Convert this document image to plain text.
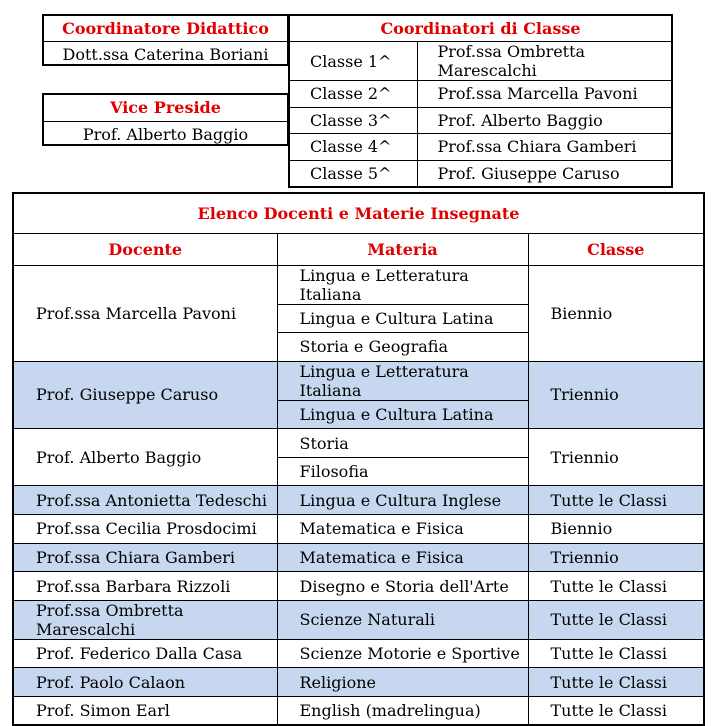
Coordinatore Didattico
Dott.ssa Caterina Boriani
Vice Preside
Prof. Alberto Baggio
Coordinatori di Classe	
Classe 1^	Prof.ssa Ombretta Marescalchi
Classe 2^	Prof.ssa Marcella Pavoni
Classe 3^	Prof. Alberto Baggio
Classe 4^	Prof.ssa Chiara Gamberi
Classe 5^	Prof. Giuseppe Caruso
Elenco Docenti e Materie Insegnate		
Docente	Materia	Classe
Prof.ssa Marcella Pavoni	Lingua e Letteratura Italiana	Biennio
	Lingua e Cultura Latina	
	Storia e Geografia	
Prof. Giuseppe Caruso	Lingua e Letteratura Italiana	Triennio
	Lingua e Cultura Latina	
Prof. Alberto Baggio	Storia	Triennio
	Filosofia	
Prof.ssa Antonietta Tedeschi	Lingua e Cultura Inglese	Tutte le Classi
Prof.ssa Cecilia Prosdocimi	Matematica e Fisica	Biennio
Prof.ssa Chiara Gamberi	Matematica e Fisica	Triennio
Prof.ssa Barbara Rizzoli	Disegno e Storia dell'Arte	Tutte le Classi
Prof.ssa Ombretta Marescalchi	Scienze Naturali	Tutte le Classi
Prof. Federico Dalla Casa	Scienze Motorie e Sportive	Tutte le Classi
Prof. Paolo Calaon	Religione	Tutte le Classi
Prof. Simon Earl	English (madrelingua)	Tutte le Classi
